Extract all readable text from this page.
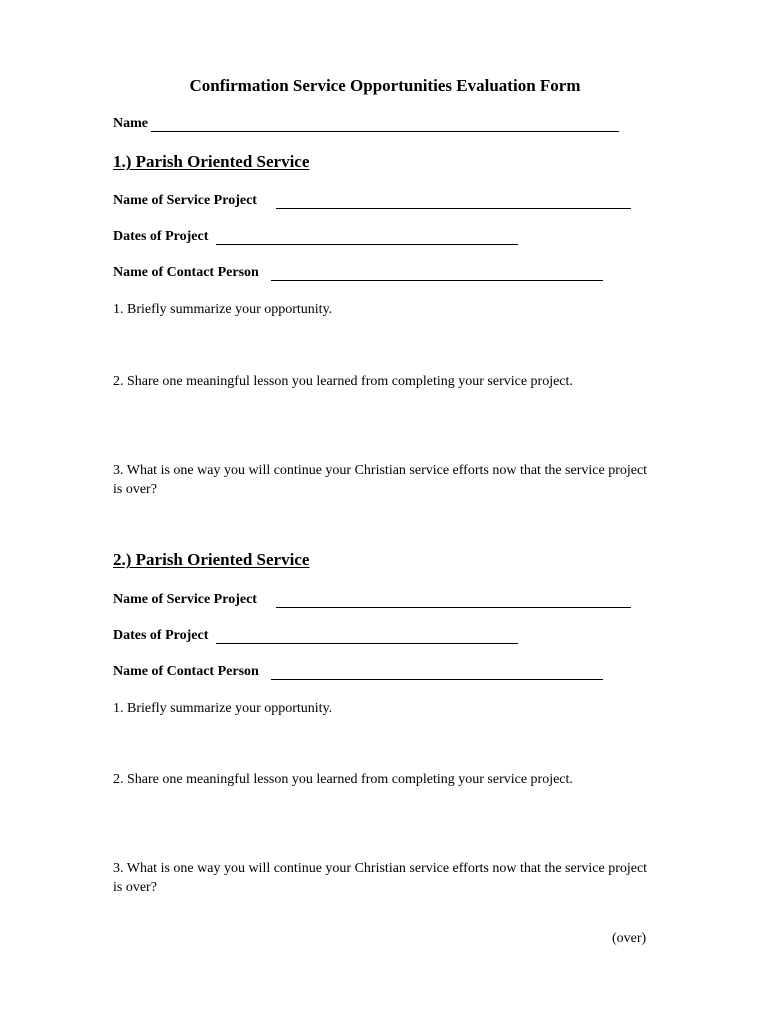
Confirmation Service Opportunities Evaluation Form
Name
1.) Parish Oriented Service
Name of Service Project
Dates of Project
Name of Contact Person
1. Briefly summarize your opportunity.
2. Share one meaningful lesson you learned from completing your service project.
3. What is one way you will continue your Christian service efforts now that the service project is over?
2.) Parish Oriented Service
Name of Service Project
Dates of Project
Name of Contact Person
1. Briefly summarize your opportunity.
2. Share one meaningful lesson you learned from completing your service project.
3. What is one way you will continue your Christian service efforts now that the service project is over?
(over)
